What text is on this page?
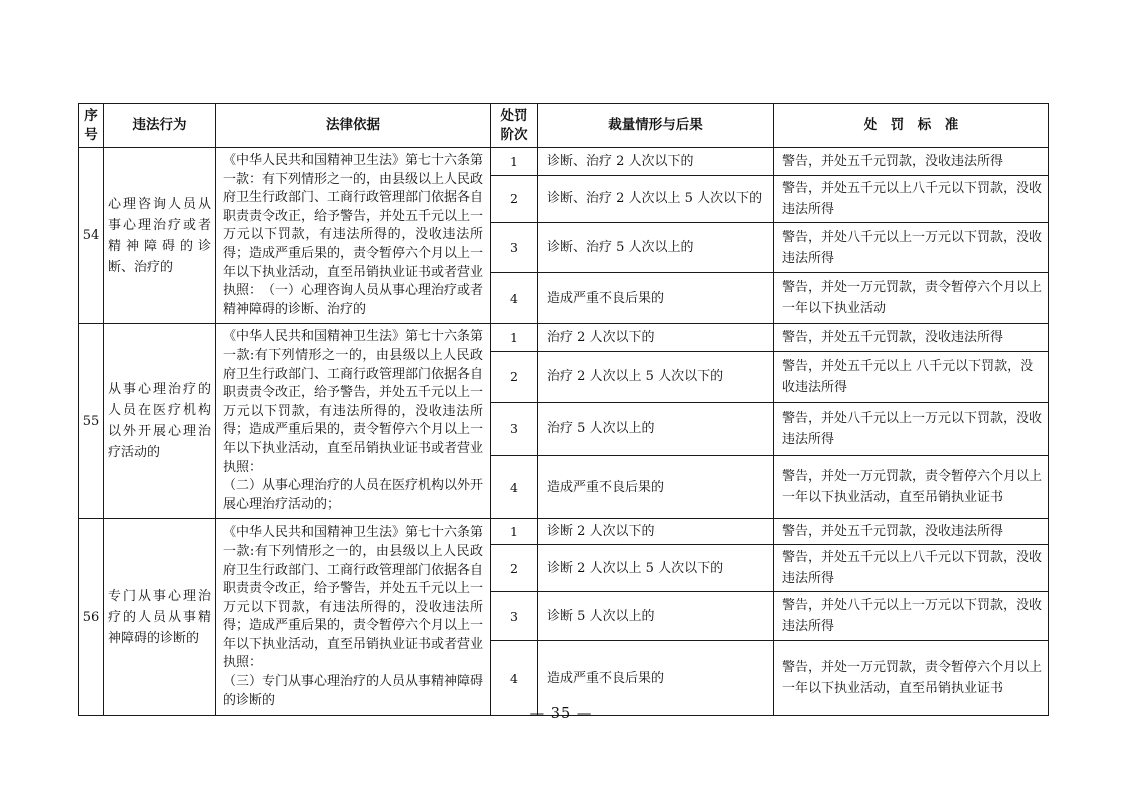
序
号	违法行为	法律依据	处罚
阶次	裁量情形与后果	处　罚　标　准
54	心理咨询人员从事心理治疗或者精神障碍的诊断、治疗的	《中华人民共和国精神卫生法》第七十六条第一款：有下列情形之一的，由县级以上人民政府卫生行政部门、工商行政管理部门依据各自职责责令改正，给予警告，并处五千元以上一万元以下罚款，有违法所得的，没收违法所得；造成严重后果的，责令暂停六个月以上一年以下执业活动，直至吊销执业证书或者营业执照：　（一）心理咨询人员从事心理治疗或者精神障碍的诊断、治疗的	1	诊断、治疗 2 人次以下的	警告，并处五千元罚款，没收违法所得
			2	诊断、治疗 2 人次以上 5 人次以下的	警告，并处五千元以上八千元以下罚款，没收违法所得
			3	诊断、治疗 5 人次以上的	警告，并处八千元以上一万元以下罚款，没收违法所得
			4	造成严重不良后果的	警告，并处一万元罚款，责令暂停六个月以上一年以下执业活动
55	从事心理治疗的人员在医疗机构以外开展心理治疗活动的	《中华人民共和国精神卫生法》第七十六条第一款:有下列情形之一的，由县级以上人民政府卫生行政部门、工商行政管理部门依据各自职责责令改正，给予警告，并处五千元以上一万元以下罚款，有违法所得的，没收违法所得；造成严重后果的，责令暂停六个月以上一年以下执业活动，直至吊销执业证书或者营业执照：
（二）从事心理治疗的人员在医疗机构以外开展心理治疗活动的；	1	治疗 2 人次以下的	警告，并处五千元罚款，没收违法所得
			2	治疗 2 人次以上 5 人次以下的	警告，并处五千元以上 八千元以下罚款，没收违法所得
			3	治疗 5 人次以上的	警告，并处八千元以上一万元以下罚款，没收违法所得
			4	造成严重不良后果的	警告，并处一万元罚款，责令暂停六个月以上一年以下执业活动，直至吊销执业证书
56	专门从事心理治疗的人员从事精神障碍的诊断的	《中华人民共和国精神卫生法》第七十六条第一款:有下列情形之一的，由县级以上人民政府卫生行政部门、工商行政管理部门依据各自职责责令改正，给予警告，并处五千元以上一万元以下罚款，有违法所得的，没收违法所得；造成严重后果的，责令暂停六个月以上一年以下执业活动，直至吊销执业证书或者营业执照：
（三）专门从事心理治疗的人员从事精神障碍的诊断的	1	诊断 2 人次以下的	警告，并处五千元罚款，没收违法所得
			2	诊断 2 人次以上 5 人次以下的	警告，并处五千元以上八千元以下罚款，没收违法所得
			3	诊断 5 人次以上的	警告，并处八千元以上一万元以下罚款，没收违法所得
			4	造成严重不良后果的	警告，并处一万元罚款，责令暂停六个月以上一年以下执业活动，直至吊销执业证书
— 35 —
